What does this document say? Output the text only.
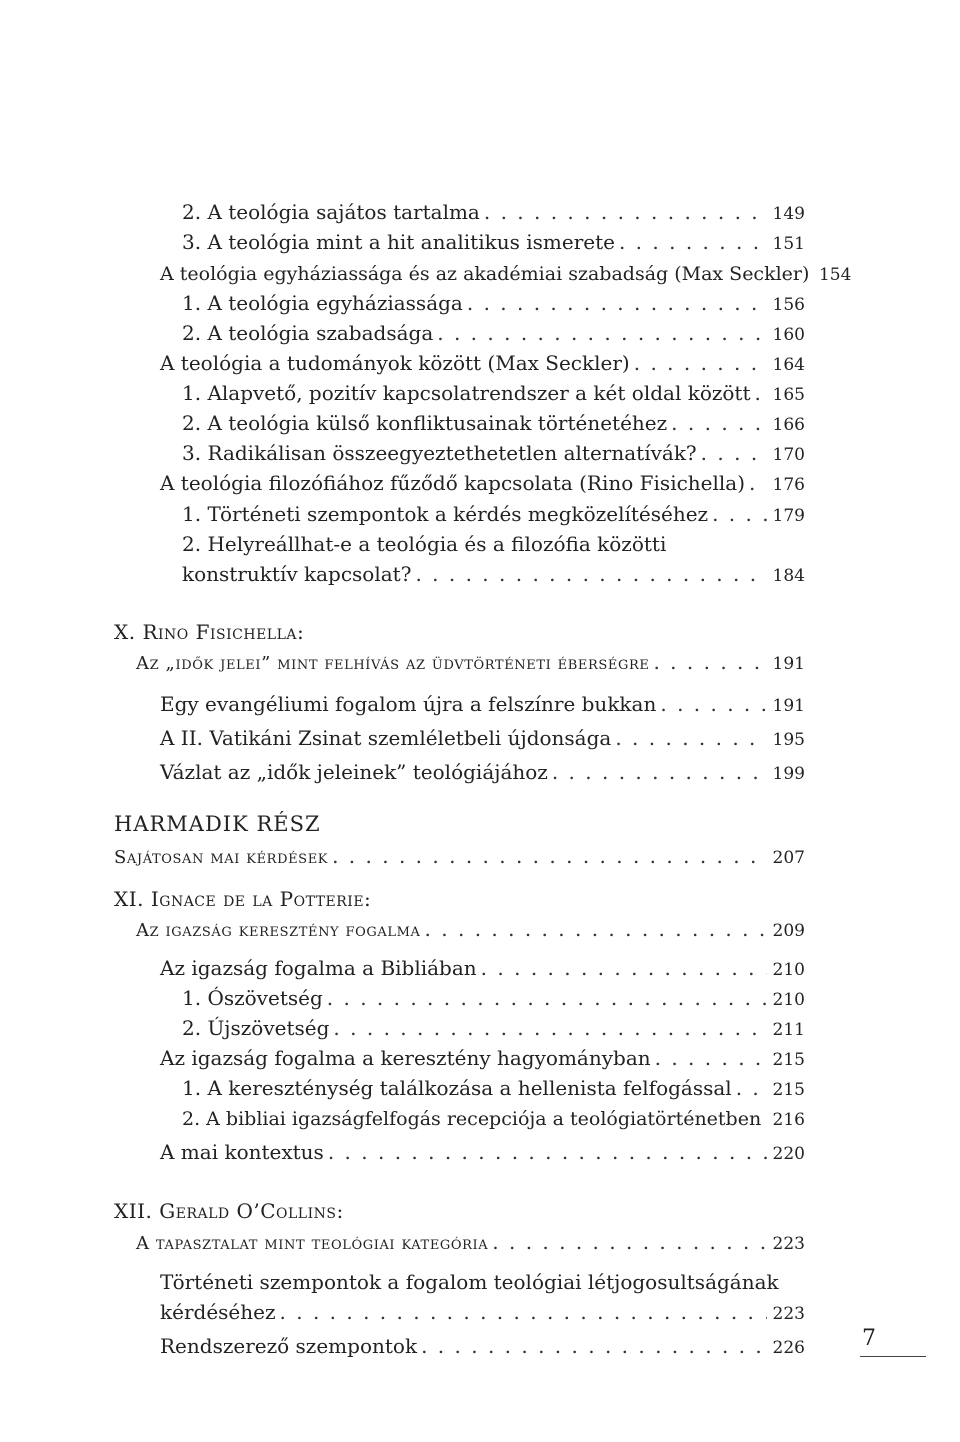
2. A teológia sajátos tartalma . . .	149
3. A teológia mint a hit analitikus ismerete . . .	151
A teológia egyháziassága és az akadémiai szabadság (Max Seckler) 154
1. A teológia egyháziassága . . .	156
2. A teológia szabadsága . . .	160
A teológia a tudományok között (Max Seckler) . . .	164
1. Alapvető, pozitív kapcsolatrendszer a két oldal között . . . 165
2. A teológia külső konfliktusainak történetéhez . . .	166
3. Radikálisan összeegyeztethetetlen alternatívák? . . .	170
A teológia filozófiához fűződő kapcsolata (Rino Fisichella) . . . 176
1. Történeti szempontok a kérdés megközelítéséhez . . .	179
2. Helyreállhat-e a teológia és a filozófia közötti
konstruktív kapcsolat? . . .	184
X. Rino Fisichella:
Az „idők jelei” mint felhívás az üdvtörténeti éberségre . . .	191
Egy evangéliumi fogalom újra a felszínre bukkan . . .	191
A II. Vatikáni Zsinat szemléletbeli újdonsága . . .	195
Vázlat az „idők jeleinek” teológiájához . . .	199
HARMADIK RÉSZ
Sajátosan mai kérdések . . .	207
XI. Ignace de la Potterie:
Az igazság keresztény fogalma . . .	209
Az igazság fogalma a Bibliában . . .	210
1. Ószövetség . . .	210
2. Újszövetség . . .	211
Az igazság fogalma a keresztény hagyományban . . .	215
1. A kereszténység találkozása a hellenista felfogással . . . 215
2. A bibliai igazságfelfogás recepciója a teológiatörténetben . . . 216
A mai kontextus . . .	220
XII. Gerald O’Collins:
A tapasztalat mint teológiai kategória . . .	223
Történeti szempontok a fogalom teológiai létjogosultságának
kérdéséhez . . .	223
Rendszerező szempontok . . .	226	7
